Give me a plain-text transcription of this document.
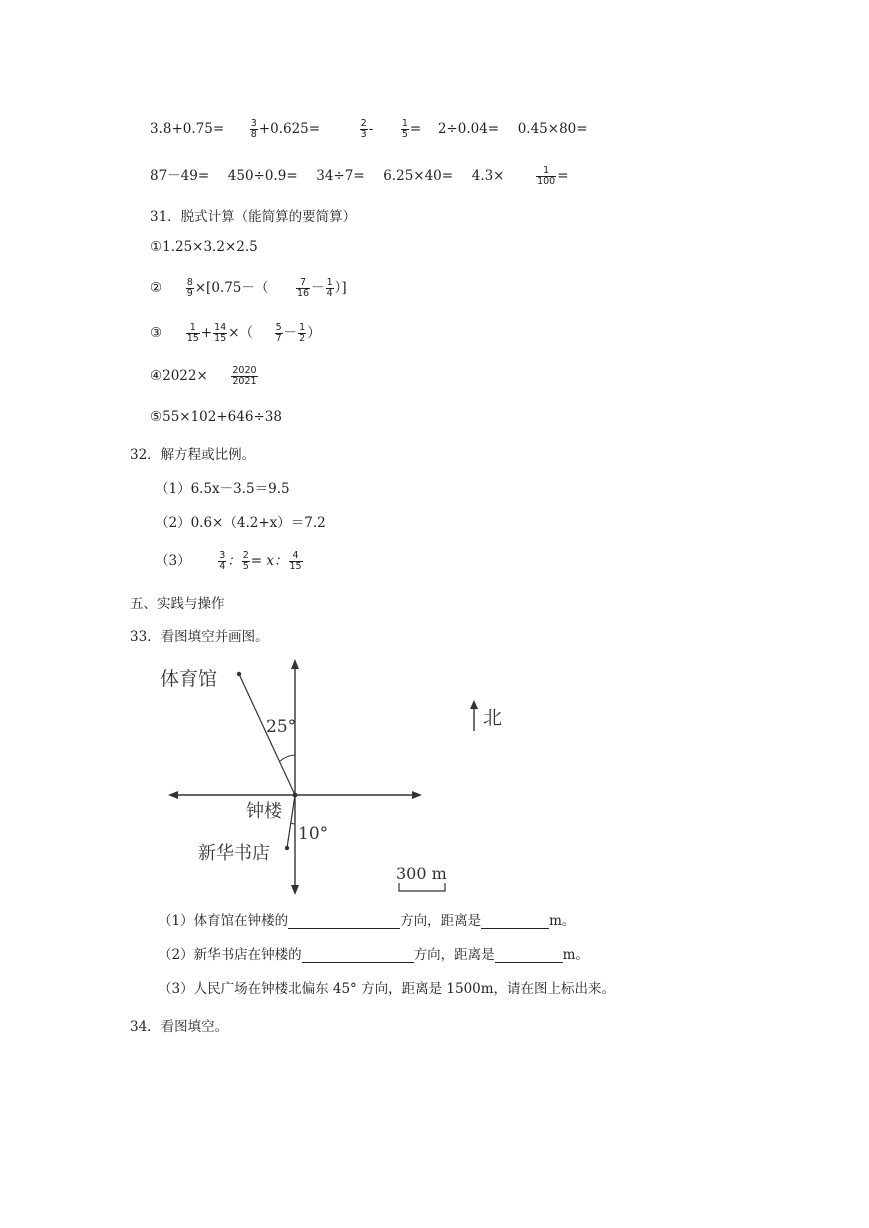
3.8+0.75=	$\frac{3}{8} +0.625=$	$\frac{2}{3}$ -	$\frac{1}{5} = 2\div 0.04= 0.45\times 80=$
87－49= 450÷0.9= 34÷7= 6.25×40= 4.3×	$\frac{1}{100}$ =
31．脱式计算（能简算的要简算）
①1.25×3.2×2.5
② $\frac{8}{9} \times[0.75-$（	$\frac{7}{16} - \frac{1}{4}$ ）]
③ $\frac{1}{15} + \frac{14}{15}$ ×（ $\frac{5}{7} - \frac{1}{2}$ ）
④2022× $\frac{2020}{2021}$
⑤55×102+646÷38
32．解方程或比例。
（1）6.5x－3.5＝9.5
（2）0.6×（4.2+x）＝7.2
（3）	$\frac{3}{4}$ ： $\frac{2}{5} = x$： $\frac{4}{15}$
五、实践与操作
33．看图填空并画图。
体育馆
25°
钟楼
10°
新华书店
300 m
北
（1）体育馆在钟楼的	方向，距离是	m。
（2）新华书店在钟楼的	方向，距离是	m。
（3）人民广场在钟楼北偏东 45° 方向，距离是 1500m，请在图上标出来。
34．看图填空。
